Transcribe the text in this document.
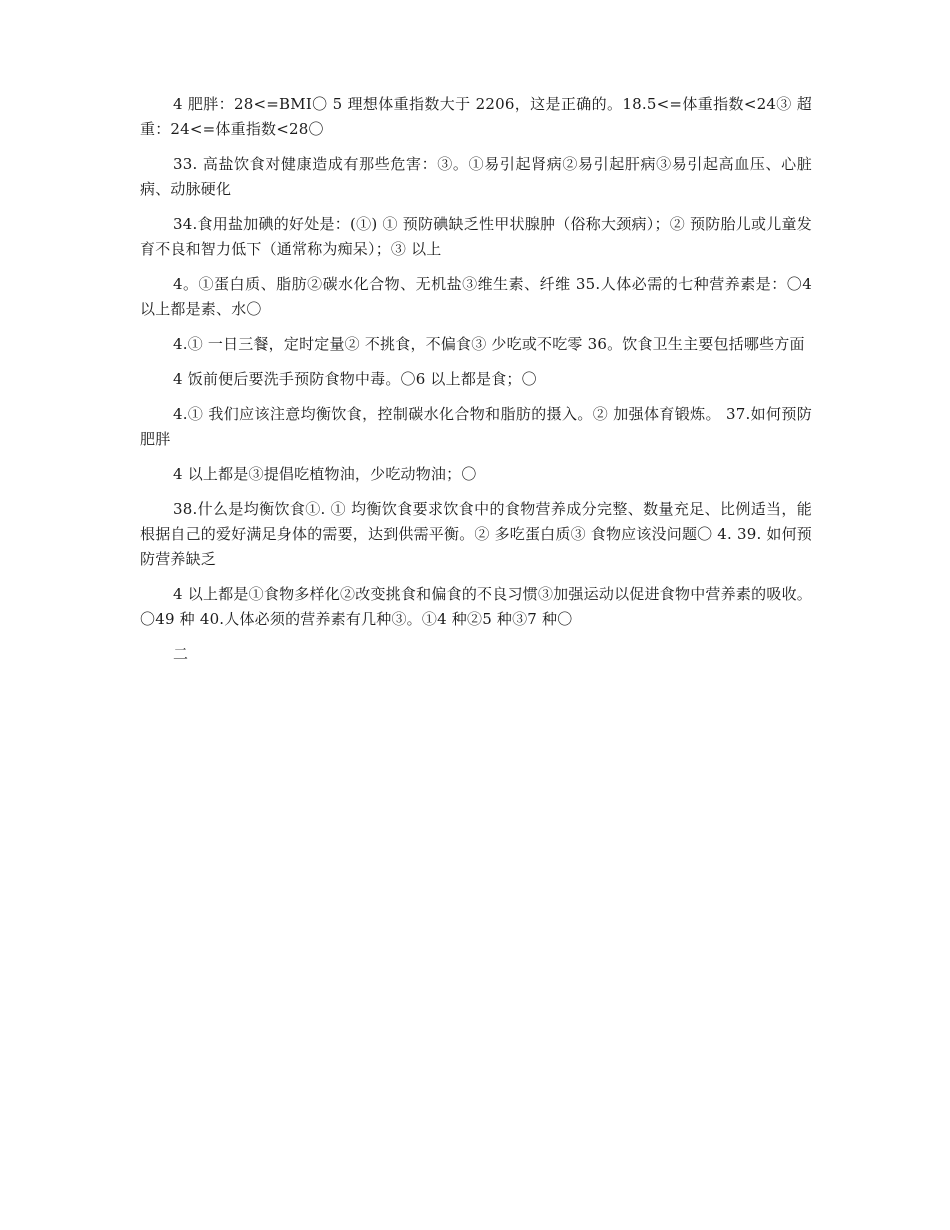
4 肥胖：28<=BMI〇 5 理想体重指数大于 2206，这是正确的。18.5<=体重指数<24③ 超重：24<=体重指数<28〇

33. 高盐饮食对健康造成有那些危害：③。①易引起肾病②易引起肝病③易引起高血压、心脏病、动脉硬化

34.食用盐加碘的好处是：(①) ① 预防碘缺乏性甲状腺肿（俗称大颈病）；② 预防胎儿或儿童发育不良和智力低下（通常称为痴呆）；③ 以上

4。①蛋白质、脂肪②碳水化合物、无机盐③维生素、纤维 35.人体必需的七种营养素是：〇4 以上都是素、水〇

4.① 一日三餐，定时定量② 不挑食，不偏食③ 少吃或不吃零 36。饮食卫生主要包括哪些方面

4 饭前便后要洗手预防食物中毒。〇6 以上都是食；〇

4.① 我们应该注意均衡饮食，控制碳水化合物和脂肪的摄入。② 加强体育锻炼。 37.如何预防肥胖

4 以上都是③提倡吃植物油，少吃动物油；〇

38.什么是均衡饮食①. ① 均衡饮食要求饮食中的食物营养成分完整、数量充足、比例适当，能根据自己的爱好满足身体的需要，达到供需平衡。② 多吃蛋白质③ 食物应该没问题〇 4. 39. 如何预防营养缺乏

4 以上都是①食物多样化②改变挑食和偏食的不良习惯③加强运动以促进食物中营养素的吸收。〇49 种 40.人体必须的营养素有几种③。①4 种②5 种③7 种〇

二
